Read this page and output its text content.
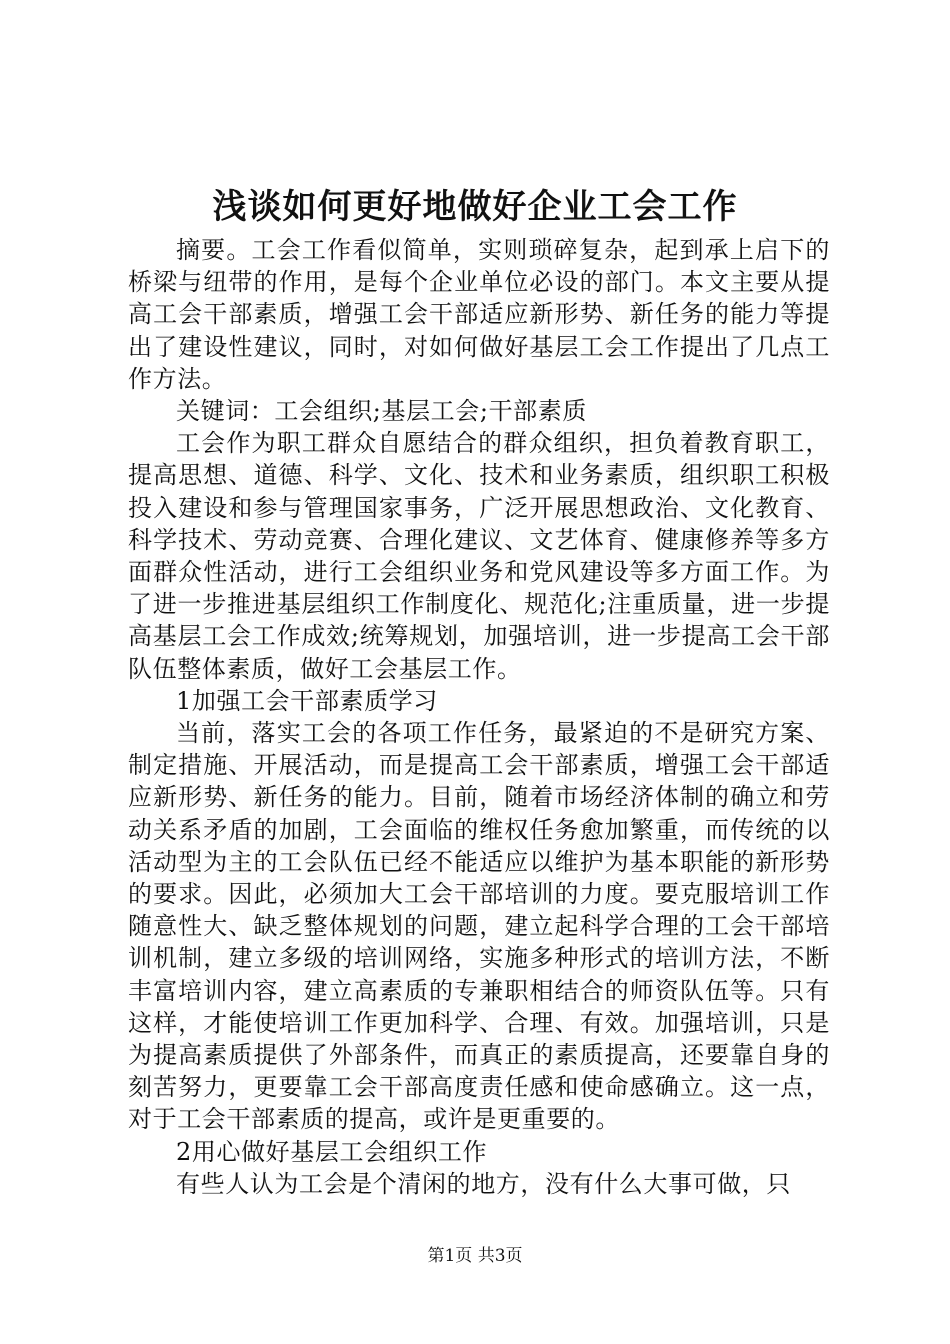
浅谈如何更好地做好企业工会工作

摘要。工会工作看似简单，实则琐碎复杂，起到承上启下的桥梁与纽带的作用，是每个企业单位必设的部门。本文主要从提高工会干部素质，增强工会干部适应新形势、新任务的能力等提出了建设性建议，同时，对如何做好基层工会工作提出了几点工作方法。

关键词：工会组织;基层工会;干部素质

工会作为职工群众自愿结合的群众组织，担负着教育职工，提高思想、道德、科学、文化、技术和业务素质，组织职工积极投入建设和参与管理国家事务，广泛开展思想政治、文化教育、科学技术、劳动竞赛、合理化建议、文艺体育、健康修养等多方面群众性活动，进行工会组织业务和党风建设等多方面工作。为了进一步推进基层组织工作制度化、规范化;注重质量，进一步提高基层工会工作成效;统筹规划，加强培训，进一步提高工会干部队伍整体素质，做好工会基层工作。

1加强工会干部素质学习

当前，落实工会的各项工作任务，最紧迫的不是研究方案、制定措施、开展活动，而是提高工会干部素质，增强工会干部适应新形势、新任务的能力。目前，随着市场经济体制的确立和劳动关系矛盾的加剧，工会面临的维权任务愈加繁重，而传统的以活动型为主的工会队伍已经不能适应以维护为基本职能的新形势的要求。因此，必须加大工会干部培训的力度。要克服培训工作随意性大、缺乏整体规划的问题，建立起科学合理的工会干部培训机制，建立多级的培训网络，实施多种形式的培训方法，不断丰富培训内容，建立高素质的专兼职相结合的师资队伍等。只有这样，才能使培训工作更加科学、合理、有效。加强培训，只是为提高素质提供了外部条件，而真正的素质提高，还要靠自身的刻苦努力，更要靠工会干部高度责任感和使命感确立。这一点，对于工会干部素质的提高，或许是更重要的。

2用心做好基层工会组织工作

有些人认为工会是个清闲的地方，没有什么大事可做，只

第1页 共3页
